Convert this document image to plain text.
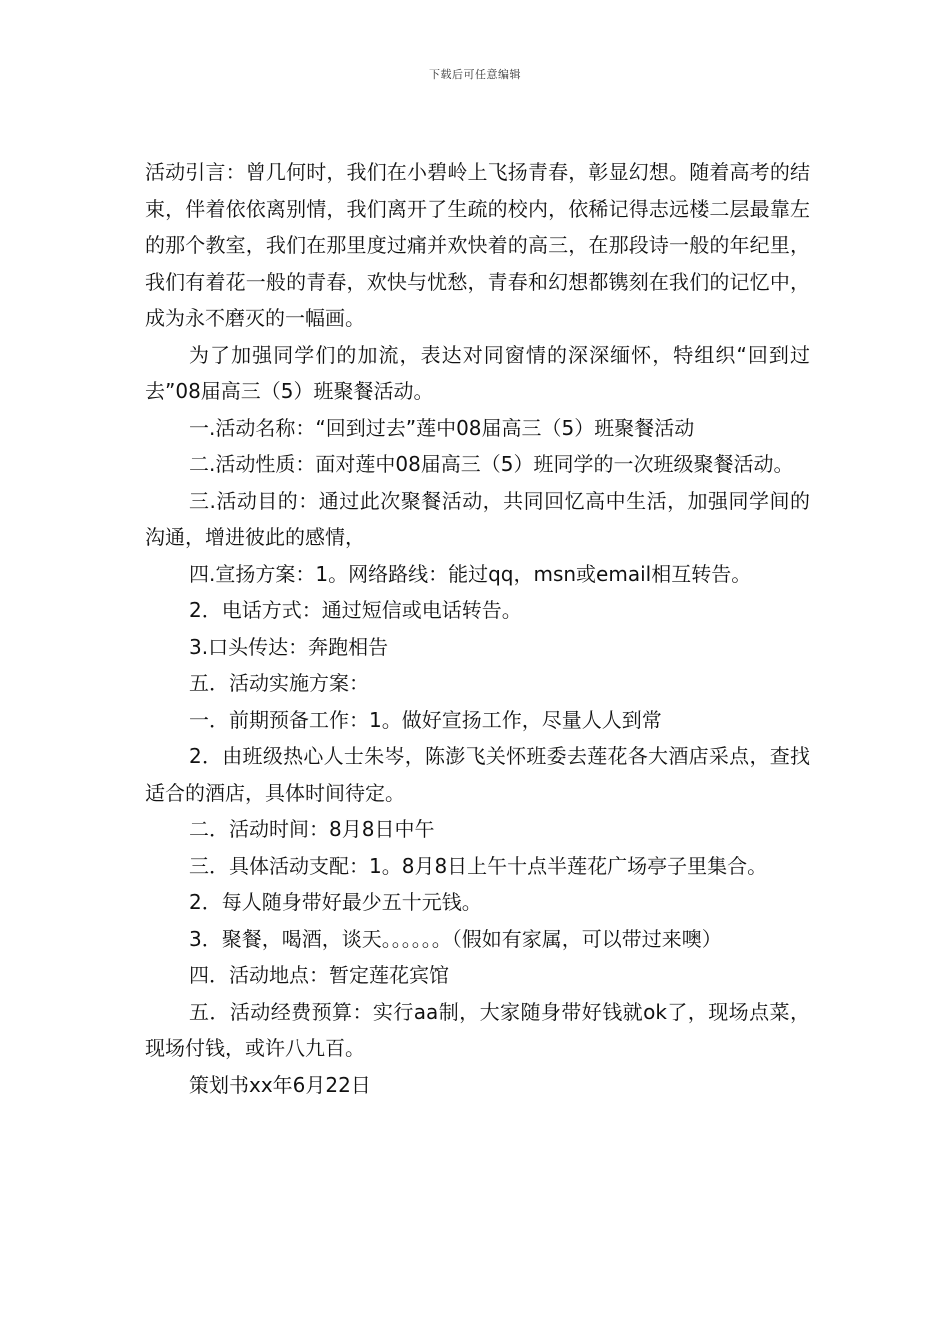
下载后可任意编辑

活动引言：曾几何时，我们在小碧岭上飞扬青春，彰显幻想。随着高考的结束，伴着依依离别情，我们离开了生疏的校内，依稀记得志远楼二层最靠左的那个教室，我们在那里度过痛并欢快着的高三，在那段诗一般的年纪里，我们有着花一般的青春，欢快与忧愁，青春和幻想都镌刻在我们的记忆中，成为永不磨灭的一幅画。

为了加强同学们的加流，表达对同窗情的深深缅怀，特组织“回到过去”08届高三（5）班聚餐活动。

一.活动名称：“回到过去”莲中08届高三（5）班聚餐活动

二.活动性质：面对莲中08届高三（5）班同学的一次班级聚餐活动。

三.活动目的：通过此次聚餐活动，共同回忆高中生活，加强同学间的沟通，增进彼此的感情，

四.宣扬方案：1。网络路线：能过qq，msn或email相互转告。

2．电话方式：通过短信或电话转告。

3.口头传达：奔跑相告

五．活动实施方案：

一．前期预备工作：1。做好宣扬工作，尽量人人到常

2．由班级热心人士朱岑，陈澎飞关怀班委去莲花各大酒店采点，查找适合的酒店，具体时间待定。

二．活动时间：8月8日中午

三．具体活动支配：1。8月8日上午十点半莲花广场亭子里集合。

2．每人随身带好最少五十元钱。

3．聚餐，喝酒，谈天。。。。。。（假如有家属，可以带过来噢）

四．活动地点：暂定莲花宾馆

五．活动经费预算：实行aa制，大家随身带好钱就ok了，现场点菜，现场付钱，或许八九百。

策划书xx年6月22日
